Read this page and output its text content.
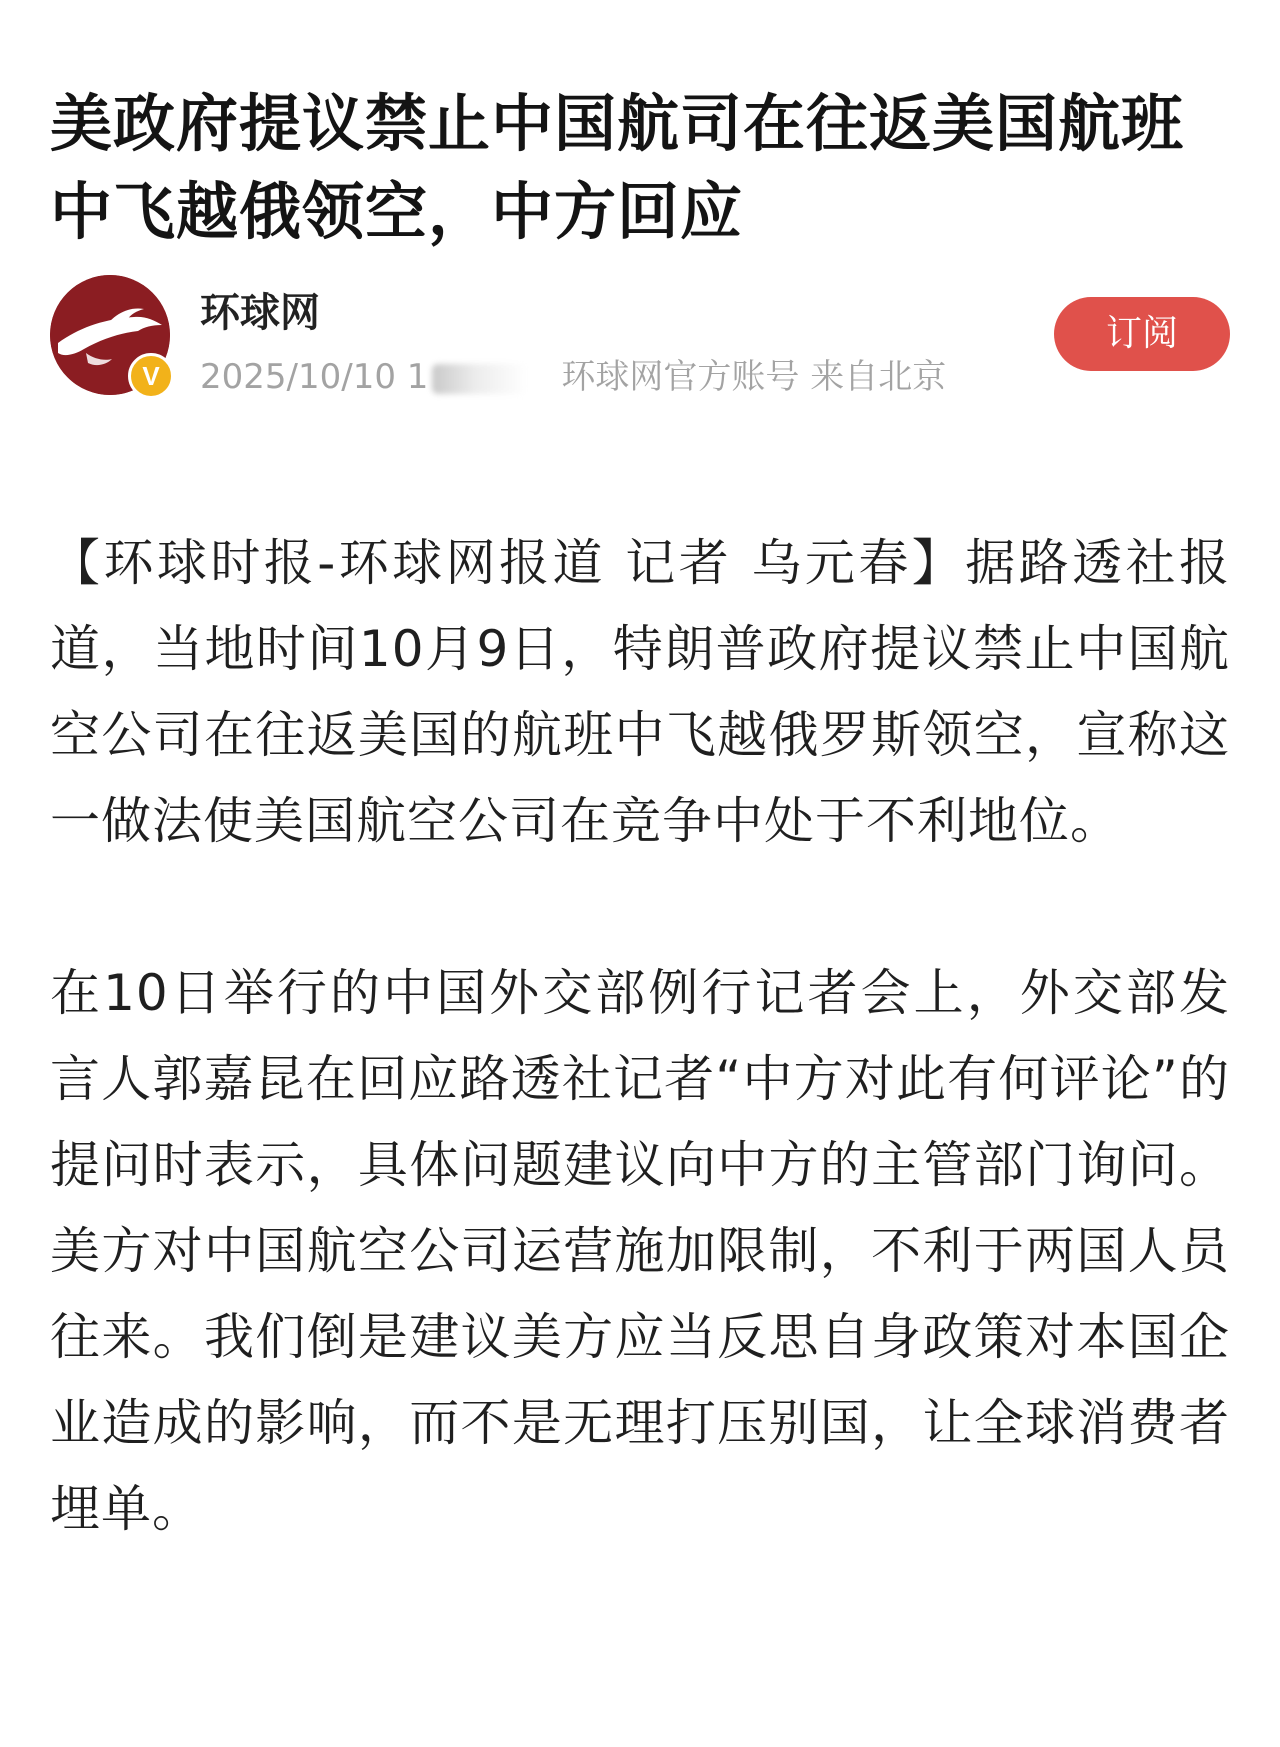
美政府提议禁止中国航司在往返美国航班中飞越俄领空，中方回应
V
环球网
2025/10/10 1	环球网官方账号 来自北京
订阅

【环球时报-环球网报道 记者 乌元春】据路透社报道，当地时间10月9日，特朗普政府提议禁止中国航空公司在往返美国的航班中飞越俄罗斯领空，宣称这一做法使美国航空公司在竞争中处于不利地位。

在10日举行的中国外交部例行记者会上，外交部发言人郭嘉昆在回应路透社记者“中方对此有何评论”的提问时表示，具体问题建议向中方的主管部门询问。美方对中国航空公司运营施加限制，不利于两国人员往来。我们倒是建议美方应当反思自身政策对本国企业造成的影响，而不是无理打压别国，让全球消费者埋单。
